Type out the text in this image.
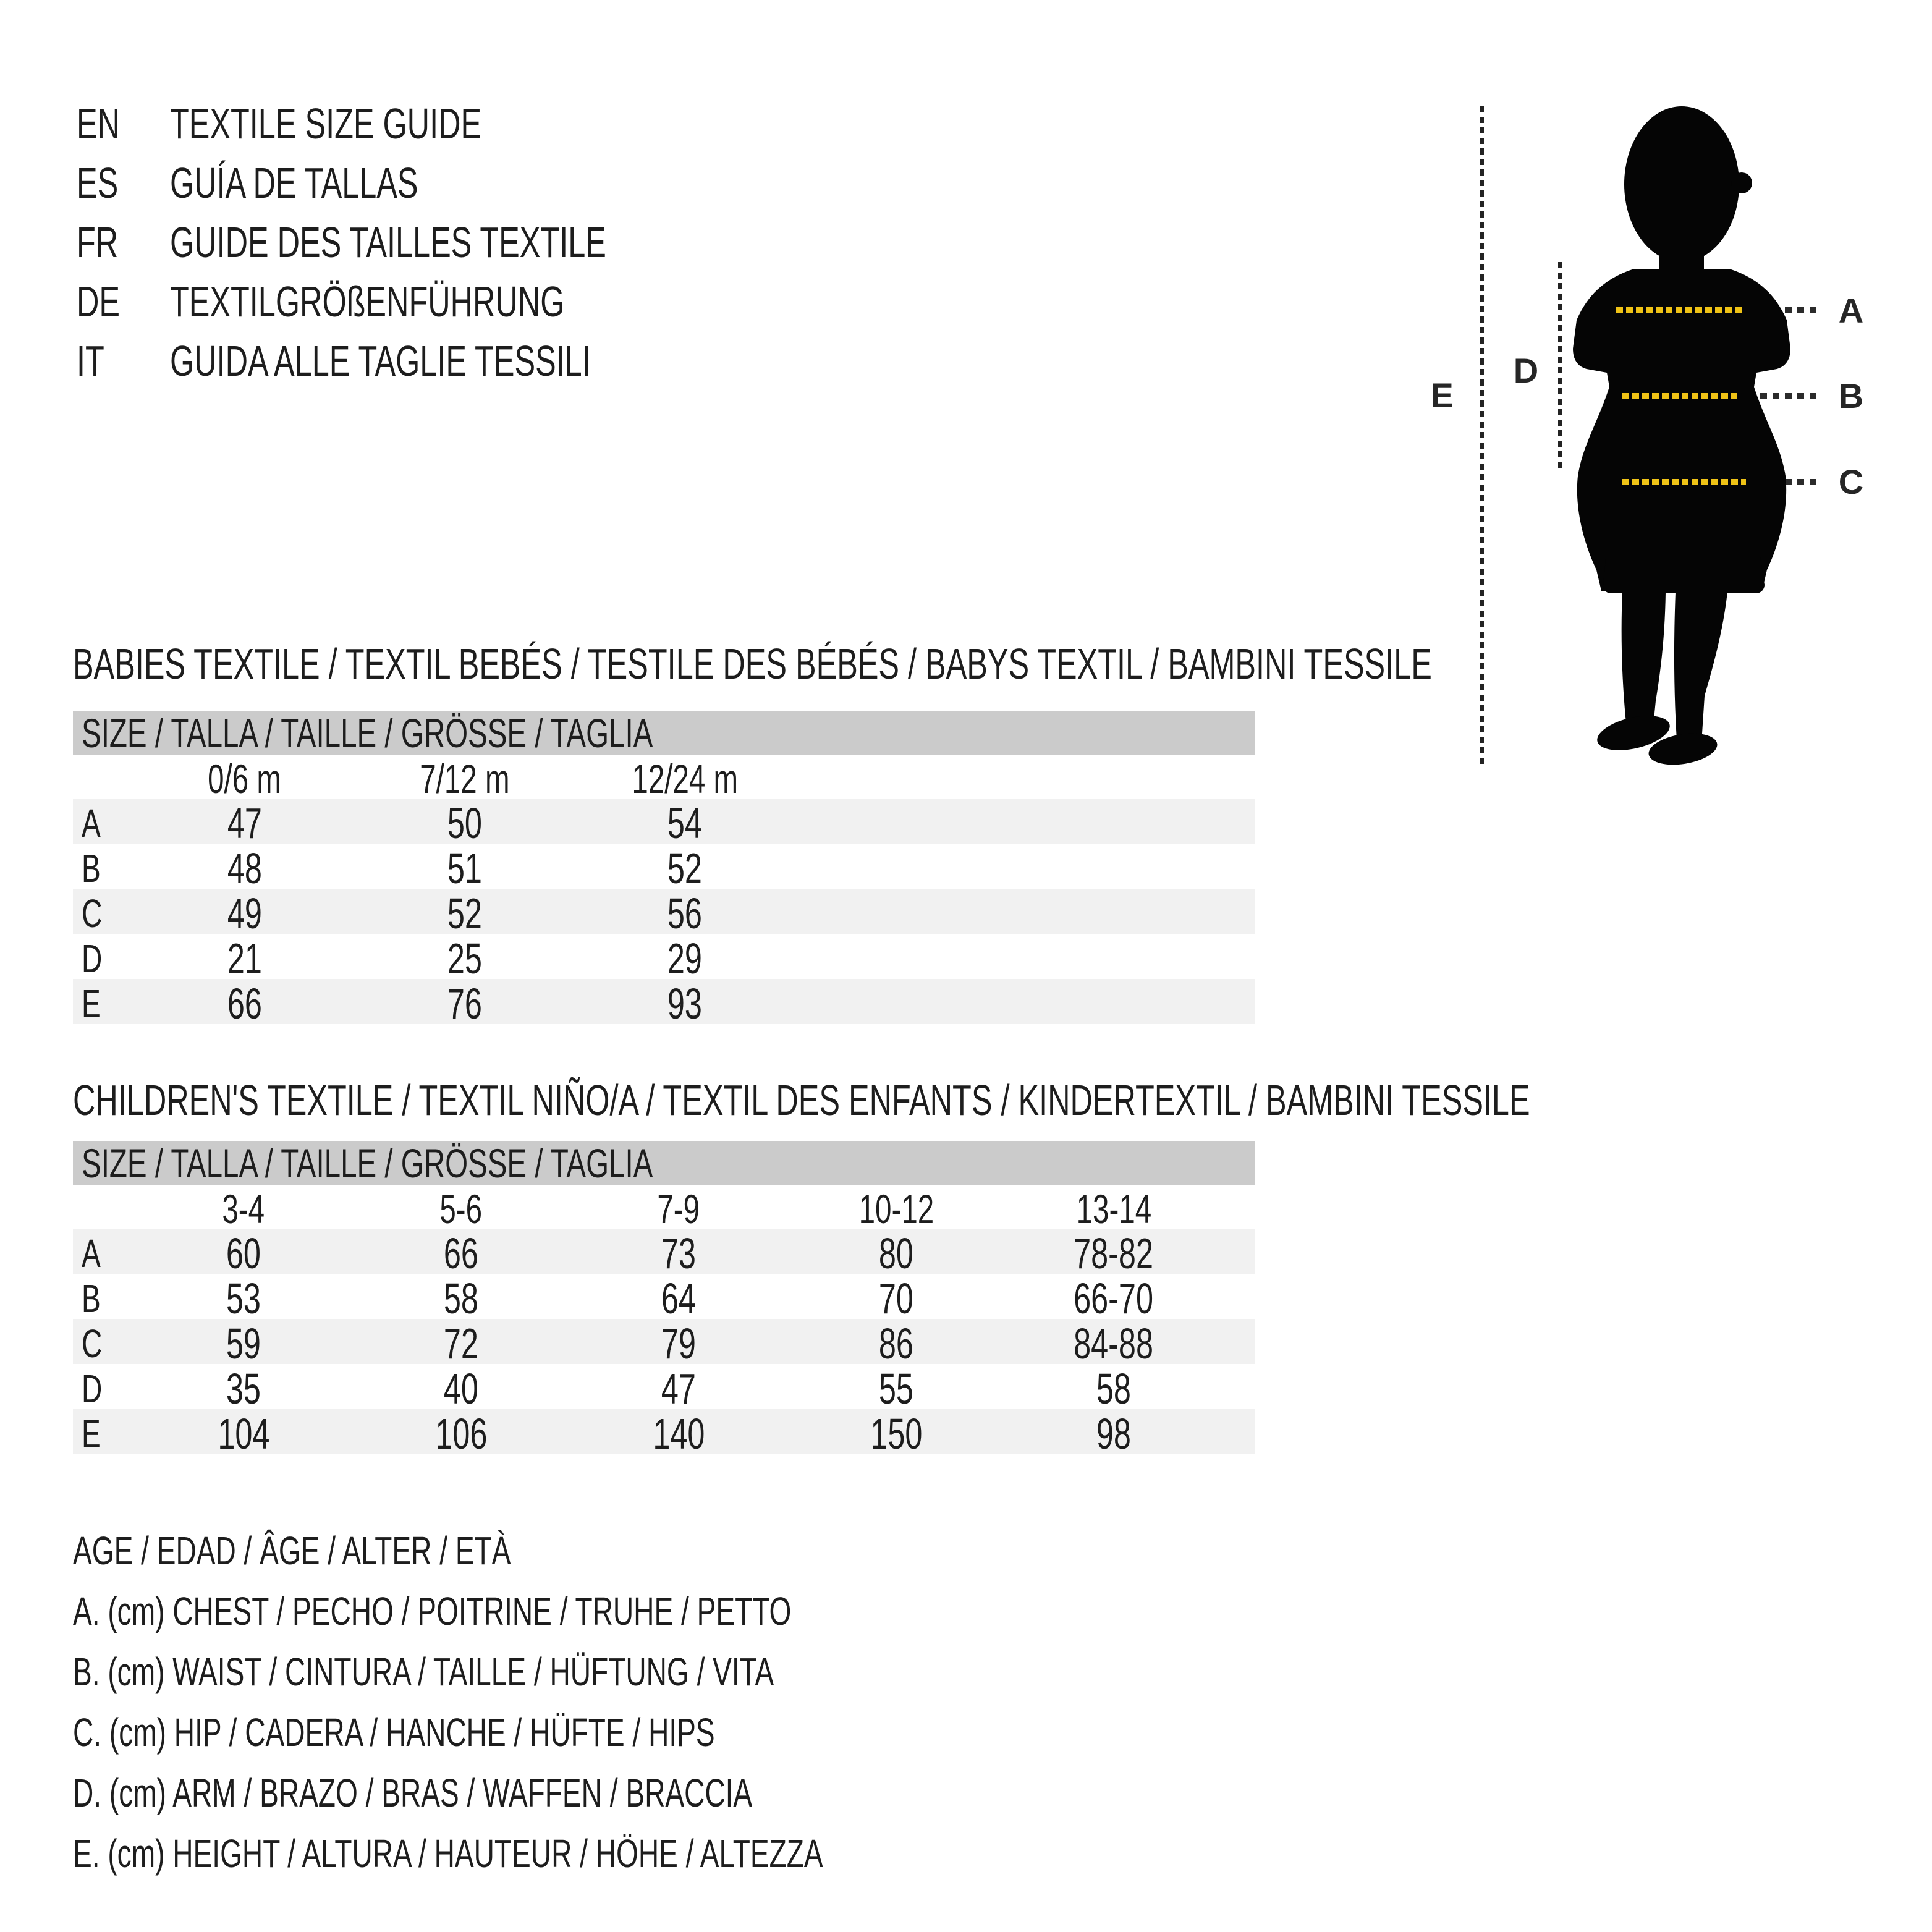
EN TEXTILE SIZE GUIDE
ES GUÍA DE TALLAS
FR GUIDE DES TAILLES TEXTILE
DE TEXTILGRÖßENFÜHRUNG
IT GUIDA ALLE TAGLIE TESSILI
E
D
A
B
C
BABIES TEXTILE / TEXTIL BEBÉS / TESTILE DES BÉBÉS / BABYS TEXTIL / BAMBINI TESSILE
SIZE / TALLA / TAILLE / GRÖSSE / TAGLIA
0/6 m	7/12 m	12/24 m
A	47	50	54
B	48	51	52
C	49	52	56
D	21	25	29
E	66	76	93
CHILDREN'S TEXTILE / TEXTIL NIÑO/A / TEXTIL DES ENFANTS / KINDERTEXTIL / BAMBINI TESSILE
SIZE / TALLA / TAILLE / GRÖSSE / TAGLIA
3-4	5-6	7-9	10-12	13-14
A	60	66	73	80	78-82
B	53	58	64	70	66-70
C	59	72	79	86	84-88
D	35	40	47	55	58
E	104	106	140	150	98
AGE / EDAD / ÂGE / ALTER / ETÀ
A. (cm) CHEST / PECHO / POITRINE / TRUHE / PETTO
B. (cm) WAIST / CINTURA / TAILLE / HÜFTUNG / VITA
C. (cm) HIP / CADERA / HANCHE / HÜFTE / HIPS
D. (cm) ARM / BRAZO / BRAS / WAFFEN / BRACCIA
E. (cm) HEIGHT / ALTURA / HAUTEUR / HÖHE / ALTEZZA
